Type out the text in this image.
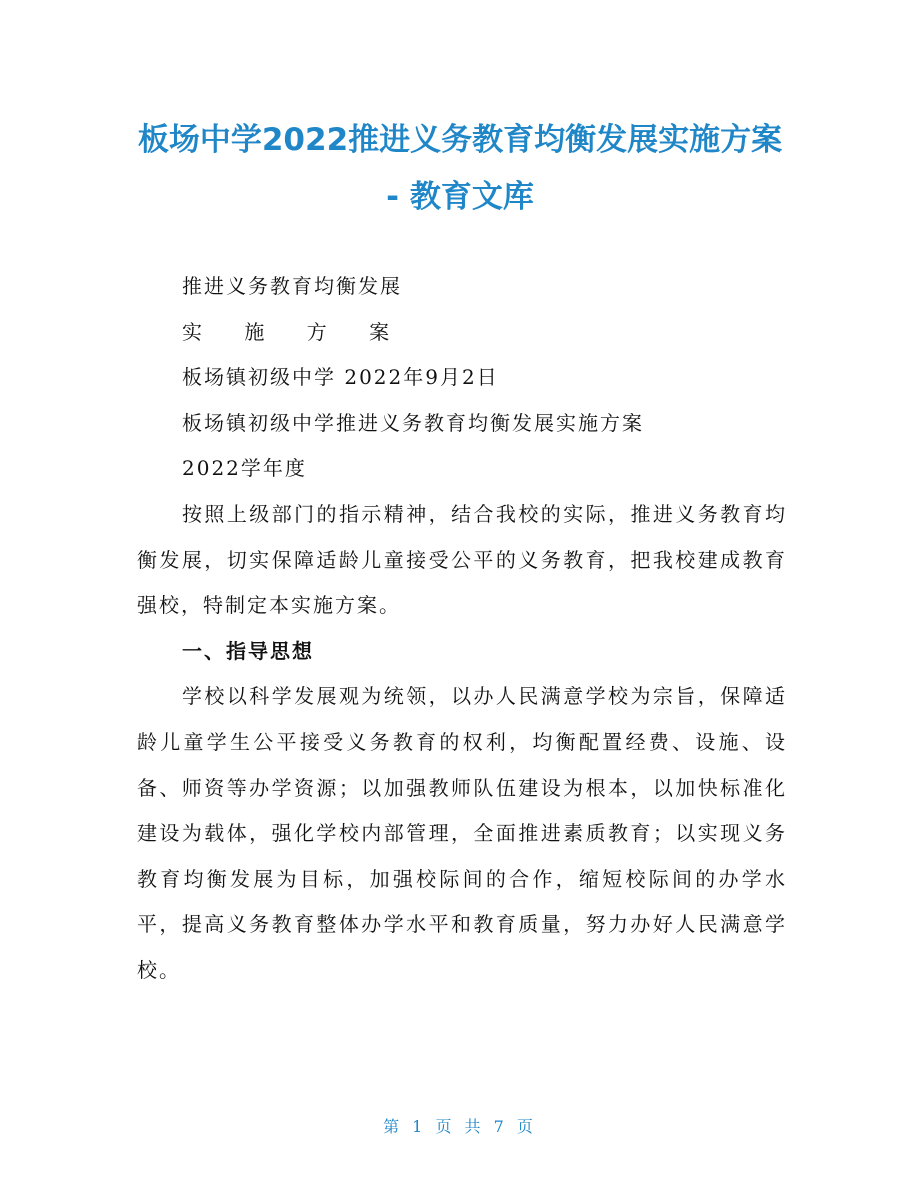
板场中学2022推进义务教育均衡发展实施方案
- 教育文库
推进义务教育均衡发展
实 施 方 案
板场镇初级中学 2022年9月2日
板场镇初级中学推进义务教育均衡发展实施方案
2022学年度
按照上级部门的指示精神，结合我校的实际，推进义务教育均衡发展，切实保障适龄儿童接受公平的义务教育，把我校建成教育强校，特制定本实施方案。
一、指导思想
学校以科学发展观为统领，以办人民满意学校为宗旨，保障适龄儿童学生公平接受义务教育的权利，均衡配置经费、设施、设备、师资等办学资源；以加强教师队伍建设为根本，以加快标准化建设为载体，强化学校内部管理，全面推进素质教育；以实现义务教育均衡发展为目标，加强校际间的合作，缩短校际间的办学水平，提高义务教育整体办学水平和教育质量，努力办好人民满意学校。
第 1 页 共 7 页
